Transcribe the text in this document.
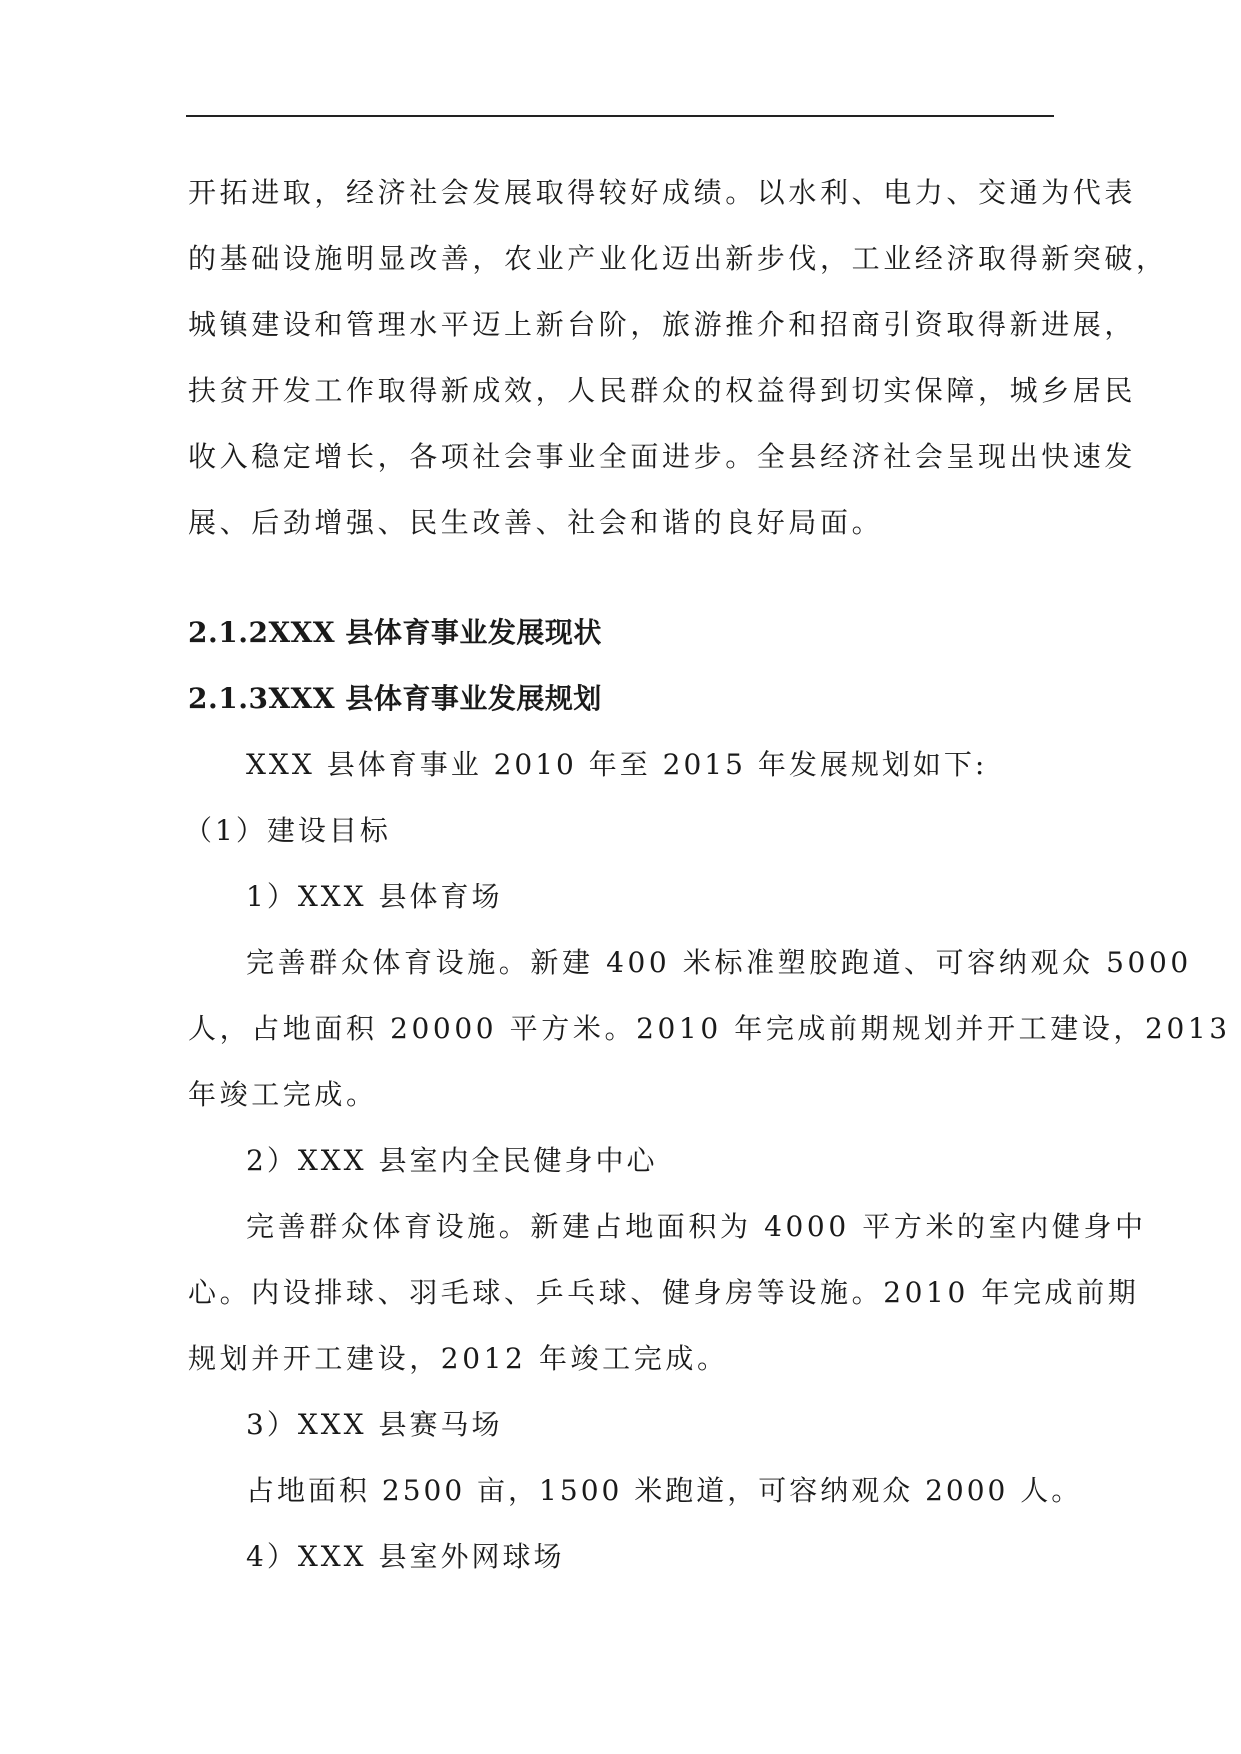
开拓进取，经济社会发展取得较好成绩。以水利、电力、交通为代表

的基础设施明显改善，农业产业化迈出新步伐，工业经济取得新突破，

城镇建设和管理水平迈上新台阶，旅游推介和招商引资取得新进展，

扶贫开发工作取得新成效，人民群众的权益得到切实保障，城乡居民

收入稳定增长，各项社会事业全面进步。全县经济社会呈现出快速发

展、后劲增强、民生改善、社会和谐的良好局面。

2.1.2XXX 县体育事业发展现状
2.1.3XXX 县体育事业发展规划

XXX 县体育事业 2010 年至 2015 年发展规划如下:

（1）建设目标

1）XXX 县体育场

完善群众体育设施。新建 400 米标准塑胶跑道、可容纳观众 5000

人，占地面积 20000 平方米。2010 年完成前期规划并开工建设，2013

年竣工完成。

2）XXX 县室内全民健身中心

完善群众体育设施。新建占地面积为 4000 平方米的室内健身中

心。内设排球、羽毛球、乒乓球、健身房等设施。2010 年完成前期

规划并开工建设，2012 年竣工完成。

3）XXX 县赛马场

占地面积 2500 亩，1500 米跑道，可容纳观众 2000 人。

4）XXX 县室外网球场
